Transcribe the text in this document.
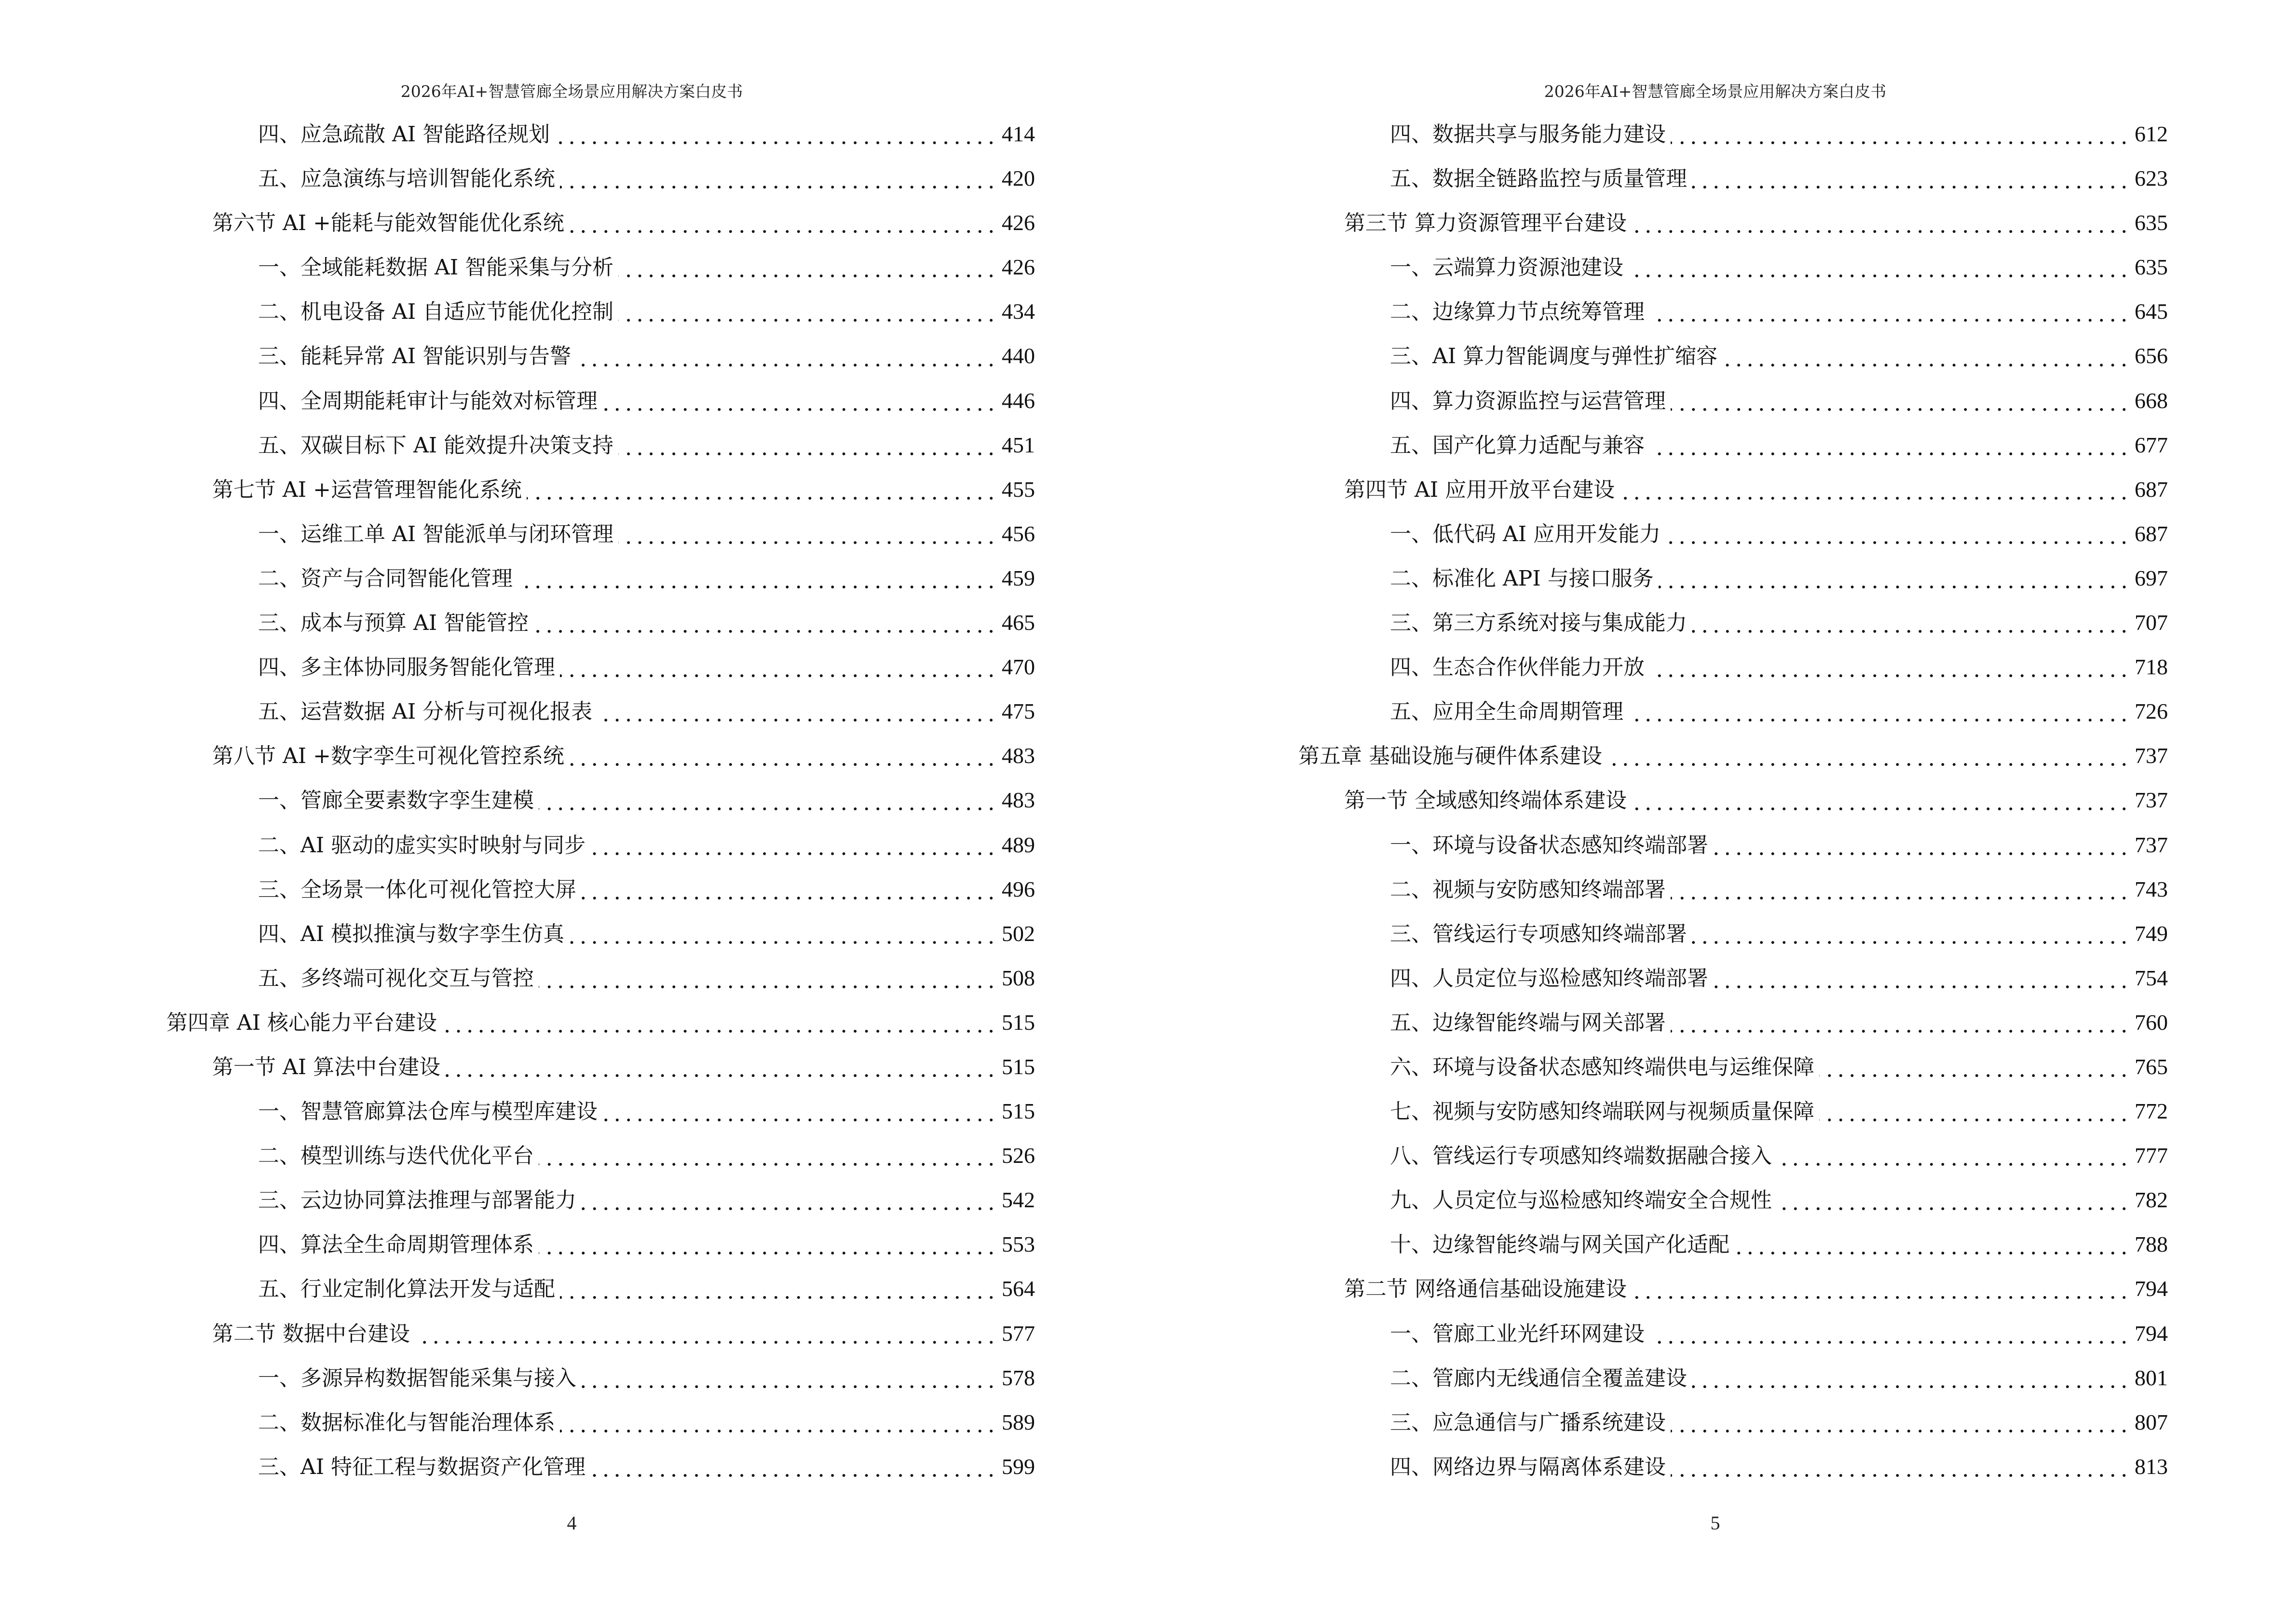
2026年AI+智慧管廊全场景应用解决方案白皮书
四、应急疏散 AI 智能路径规划	414
五、应急演练与培训智能化系统	420
第六节 AI +能耗与能效智能优化系统	426
一、全域能耗数据 AI 智能采集与分析	426
二、机电设备 AI 自适应节能优化控制	434
三、能耗异常 AI 智能识别与告警	440
四、全周期能耗审计与能效对标管理	446
五、双碳目标下 AI 能效提升决策支持	451
第七节 AI +运营管理智能化系统	455
一、运维工单 AI 智能派单与闭环管理	456
二、资产与合同智能化管理	459
三、成本与预算 AI 智能管控	465
四、多主体协同服务智能化管理	470
五、运营数据 AI 分析与可视化报表	475
第八节 AI +数字孪生可视化管控系统	483
一、管廊全要素数字孪生建模	483
二、AI 驱动的虚实实时映射与同步	489
三、全场景一体化可视化管控大屏	496
四、AI 模拟推演与数字孪生仿真	502
五、多终端可视化交互与管控	508
第四章 AI 核心能力平台建设	515
第一节 AI 算法中台建设	515
一、智慧管廊算法仓库与模型库建设	515
二、模型训练与迭代优化平台	526
三、云边协同算法推理与部署能力	542
四、算法全生命周期管理体系	553
五、行业定制化算法开发与适配	564
第二节 数据中台建设	577
一、多源异构数据智能采集与接入	578
二、数据标准化与智能治理体系	589
三、AI 特征工程与数据资产化管理	599
4
2026年AI+智慧管廊全场景应用解决方案白皮书
四、数据共享与服务能力建设	612
五、数据全链路监控与质量管理	623
第三节 算力资源管理平台建设	635
一、云端算力资源池建设	635
二、边缘算力节点统筹管理	645
三、AI 算力智能调度与弹性扩缩容	656
四、算力资源监控与运营管理	668
五、国产化算力适配与兼容	677
第四节 AI 应用开放平台建设	687
一、低代码 AI 应用开发能力	687
二、标准化 API 与接口服务	697
三、第三方系统对接与集成能力	707
四、生态合作伙伴能力开放	718
五、应用全生命周期管理	726
第五章 基础设施与硬件体系建设	737
第一节 全域感知终端体系建设	737
一、环境与设备状态感知终端部署	737
二、视频与安防感知终端部署	743
三、管线运行专项感知终端部署	749
四、人员定位与巡检感知终端部署	754
五、边缘智能终端与网关部署	760
六、环境与设备状态感知终端供电与运维保障	765
七、视频与安防感知终端联网与视频质量保障	772
八、管线运行专项感知终端数据融合接入	777
九、人员定位与巡检感知终端安全合规性	782
十、边缘智能终端与网关国产化适配	788
第二节 网络通信基础设施建设	794
一、管廊工业光纤环网建设	794
二、管廊内无线通信全覆盖建设	801
三、应急通信与广播系统建设	807
四、网络边界与隔离体系建设	813
5
